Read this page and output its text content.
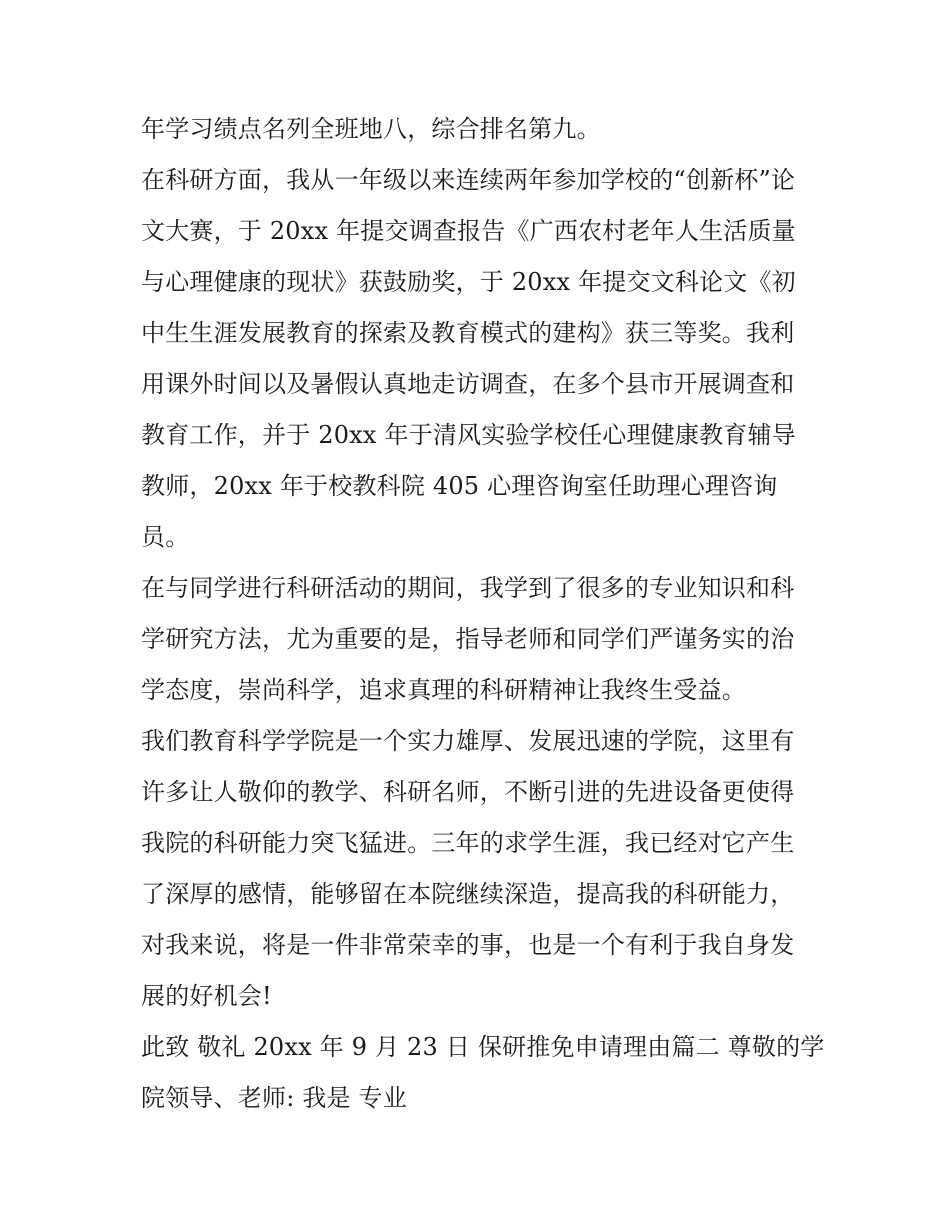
年学习绩点名列全班地八，综合排名第九。
在科研方面，我从一年级以来连续两年参加学校的“创新杯”论
文大赛，于 20xx 年提交调查报告《广西农村老年人生活质量
与心理健康的现状》获鼓励奖，于 20xx 年提交文科论文《初
中生生涯发展教育的探索及教育模式的建构》获三等奖。我利
用课外时间以及暑假认真地走访调查，在多个县市开展调查和
教育工作，并于 20xx 年于清风实验学校任心理健康教育辅导
教师，20xx 年于校教科院 405 心理咨询室任助理心理咨询
员。
在与同学进行科研活动的期间，我学到了很多的专业知识和科
学研究方法，尤为重要的是，指导老师和同学们严谨务实的治
学态度，崇尚科学，追求真理的科研精神让我终生受益。
我们教育科学学院是一个实力雄厚、发展迅速的学院，这里有
许多让人敬仰的教学、科研名师，不断引进的先进设备更使得
我院的科研能力突飞猛进。三年的求学生涯，我已经对它产生
了深厚的感情，能够留在本院继续深造，提高我的科研能力，
对我来说，将是一件非常荣幸的事，也是一个有利于我自身发
展的好机会!
此致 敬礼 20xx 年 9 月 23 日 保研推免申请理由篇二 尊敬的学
院领导、老师: 我是 专业
